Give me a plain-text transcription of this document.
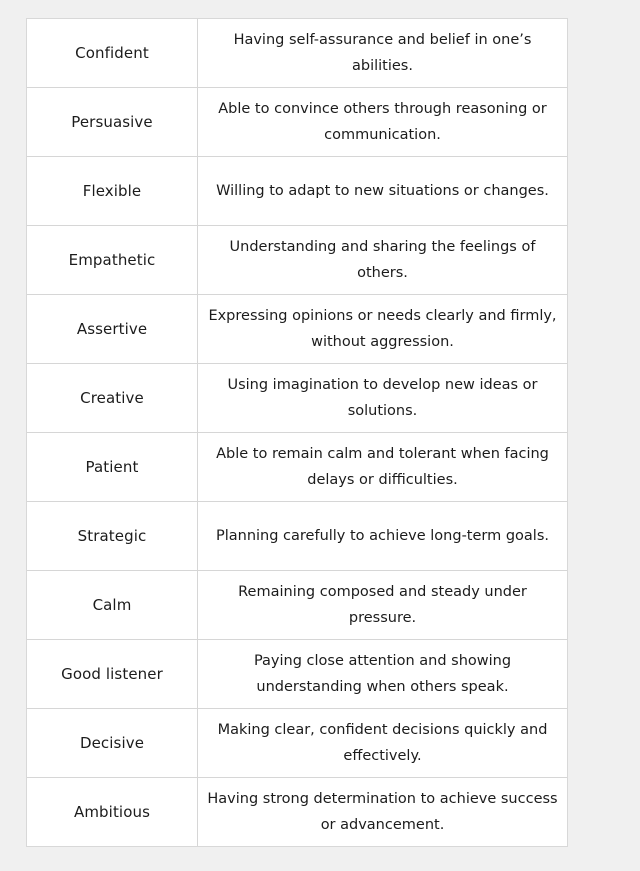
Confident	Having self-assurance and belief in one’s abilities.
Persuasive	Able to convince others through reasoning or communication.
Flexible	Willing to adapt to new situations or changes.
Empathetic	Understanding and sharing the feelings of others.
Assertive	Expressing opinions or needs clearly and firmly, without aggression.
Creative	Using imagination to develop new ideas or solutions.
Patient	Able to remain calm and tolerant when facing delays or difficulties.
Strategic	Planning carefully to achieve long-term goals.
Calm	Remaining composed and steady under pressure.
Good listener	Paying close attention and showing understanding when others speak.
Decisive	Making clear, confident decisions quickly and effectively.
Ambitious	Having strong determination to achieve success or advancement.
